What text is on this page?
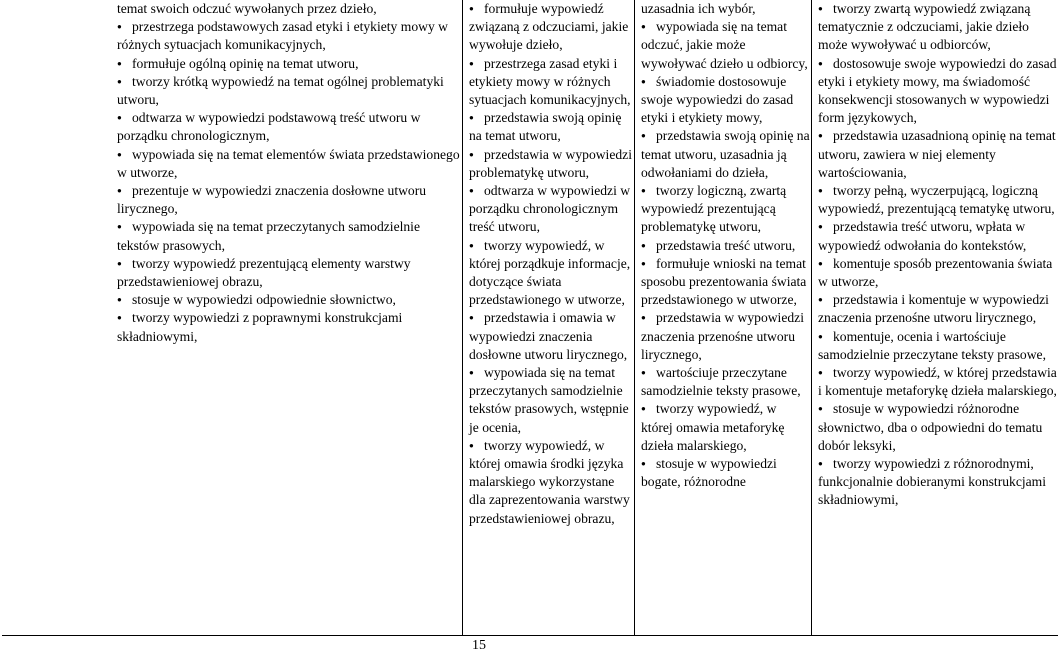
temat swoich odczuć wywołanych przez dzieło,
● przestrzega podstawowych zasad etyki i etykiety mowy w różnych sytuacjach komunikacyjnych,
● formułuje ogólną opinię na temat utworu,
● tworzy krótką wypowiedź na temat ogólnej problematyki utworu,
● odtwarza w wypowiedzi podstawową treść utworu w porządku chronologicznym,
● wypowiada się na temat elementów świata przedstawionego w utworze,
● prezentuje w wypowiedzi znaczenia dosłowne utworu lirycznego,
● wypowiada się na temat przeczytanych samodzielnie tekstów prasowych,
● tworzy wypowiedź prezentującą elementy warstwy przedstawieniowej obrazu,
● stosuje w wypowiedzi odpowiednie słownictwo,
● tworzy wypowiedzi z poprawnymi konstrukcjami składniowymi,

● formułuje wypowiedź związaną z odczuciami, jakie wywołuje dzieło,
● przestrzega zasad etyki i etykiety mowy w różnych sytuacjach komunikacyjnych,
● przedstawia swoją opinię na temat utworu,
● przedstawia w wypowiedzi problematykę utworu,
● odtwarza w wypowiedzi w porządku chronologicznym treść utworu,
● tworzy wypowiedź, w której porządkuje informacje, dotyczące świata przedstawionego w utworze,
● przedstawia i omawia w wypowiedzi znaczenia dosłowne utworu lirycznego,
● wypowiada się na temat przeczytanych samodzielnie tekstów prasowych, wstępnie je ocenia,
● tworzy wypowiedź, w której omawia środki języka malarskiego wykorzystane dla zaprezentowania warstwy przedstawieniowej obrazu,

uzasadnia ich wybór,
● wypowiada się na temat odczuć, jakie może wywoływać dzieło u odbiorcy,
● świadomie dostosowuje swoje wypowiedzi do zasad etyki i etykiety mowy,
● przedstawia swoją opinię na temat utworu, uzasadnia ją odwołaniami do dzieła,
● tworzy logiczną, zwartą wypowiedź prezentującą problematykę utworu,
● przedstawia treść utworu,
● formułuje wnioski na temat sposobu prezentowania świata przedstawionego w utworze,
● przedstawia w wypowiedzi znaczenia przenośne utworu lirycznego,
● wartościuje przeczytane samodzielnie teksty prasowe,
● tworzy wypowiedź, w której omawia metaforykę dzieła malarskiego,
● stosuje w wypowiedzi bogate, różnorodne

● tworzy zwartą wypowiedź związaną tematycznie z odczuciami, jakie dzieło może wywoływać u odbiorców,
● dostosowuje swoje wypowiedzi do zasad etyki i etykiety mowy, ma świadomość konsekwencji stosowanych w wypowiedzi form językowych,
● przedstawia uzasadnioną opinię na temat utworu, zawiera w niej elementy wartościowania,
● tworzy pełną, wyczerpującą, logiczną wypowiedź, prezentującą tematykę utworu,
● przedstawia treść utworu, wpłata w wypowiedź odwołania do kontekstów,
● komentuje sposób prezentowania świata w utworze,
● przedstawia i komentuje w wypowiedzi znaczenia przenośne utworu lirycznego,
● komentuje, ocenia i wartościuje samodzielnie przeczytane teksty prasowe,
● tworzy wypowiedź, w której przedstawia i komentuje metaforykę dzieła malarskiego,
● stosuje w wypowiedzi różnorodne słownictwo, dba o odpowiedni do tematu dobór leksyki,
● tworzy wypowiedzi z różnorodnymi, funkcjonalnie dobieranymi konstrukcjami składniowymi,
15
